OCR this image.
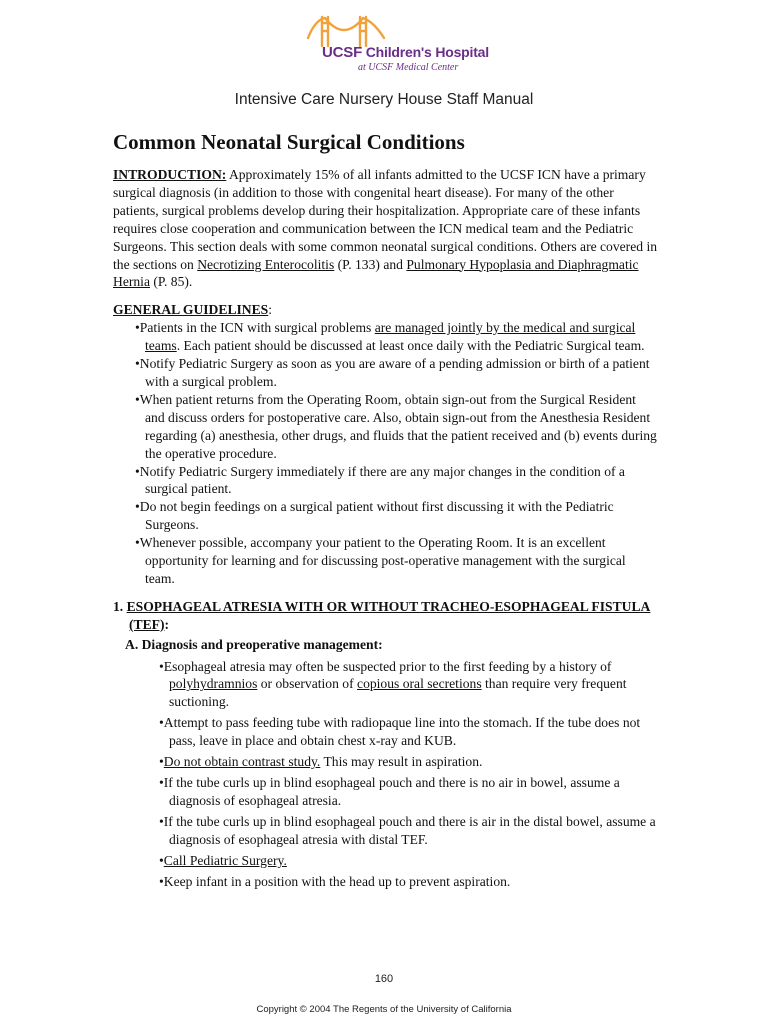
UCSF Children's Hospital
at UCSF Medical Center
Intensive Care Nursery House Staff Manual
Common Neonatal Surgical Conditions

INTRODUCTION: Approximately 15% of all infants admitted to the UCSF ICN have a primary surgical diagnosis (in addition to those with congenital heart disease). For many of the other patients, surgical problems develop during their hospitalization. Appropriate care of these infants requires close cooperation and communication between the ICN medical team and the Pediatric Surgeons. This section deals with some common neonatal surgical conditions. Others are covered in the sections on Necrotizing Enterocolitis (P. 133) and Pulmonary Hypoplasia and Diaphragmatic Hernia (P. 85).

GENERAL GUIDELINES:

• Patients in the ICN with surgical problems are managed jointly by the medical and surgical teams. Each patient should be discussed at least once daily with the Pediatric Surgical team.
• Notify Pediatric Surgery as soon as you are aware of a pending admission or birth of a patient with a surgical problem.
• When patient returns from the Operating Room, obtain sign-out from the Surgical Resident and discuss orders for postoperative care. Also, obtain sign-out from the Anesthesia Resident regarding (a) anesthesia, other drugs, and fluids that the patient received and (b) events during the operative procedure.
• Notify Pediatric Surgery immediately if there are any major changes in the condition of a surgical patient.
• Do not begin feedings on a surgical patient without first discussing it with the Pediatric Surgeons.
• Whenever possible, accompany your patient to the Operating Room. It is an excellent opportunity for learning and for discussing post-operative management with the surgical team.

1. ESOPHAGEAL ATRESIA WITH OR WITHOUT TRACHEO-ESOPHAGEAL FISTULA (TEF):

A. Diagnosis and preoperative management:

• Esophageal atresia may often be suspected prior to the first feeding by a history of polyhydramnios or observation of copious oral secretions than require very frequent suctioning.
• Attempt to pass feeding tube with radiopaque line into the stomach. If the tube does not pass, leave in place and obtain chest x-ray and KUB.
• Do not obtain contrast study. This may result in aspiration.
• If the tube curls up in blind esophageal pouch and there is no air in bowel, assume a diagnosis of esophageal atresia.
• If the tube curls up in blind esophageal pouch and there is air in the distal bowel, assume a diagnosis of esophageal atresia with distal TEF.
• Call Pediatric Surgery.
• Keep infant in a position with the head up to prevent aspiration.
160
Copyright © 2004 The Regents of the University of California
